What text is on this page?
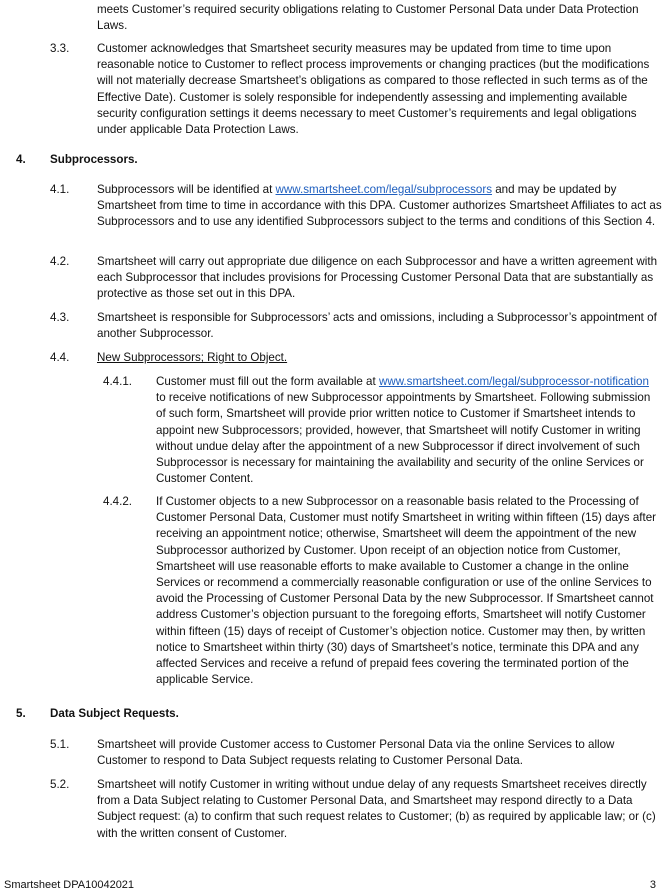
meets Customer’s required security obligations relating to Customer Personal Data under Data Protection Laws.
3.3. Customer acknowledges that Smartsheet security measures may be updated from time to time upon reasonable notice to Customer to reflect process improvements or changing practices (but the modifications will not materially decrease Smartsheet’s obligations as compared to those reflected in such terms as of the Effective Date). Customer is solely responsible for independently assessing and implementing available security configuration settings it deems necessary to meet Customer’s requirements and legal obligations under applicable Data Protection Laws.
4. Subprocessors.
4.1. Subprocessors will be identified at www.smartsheet.com/legal/subprocessors and may be updated by Smartsheet from time to time in accordance with this DPA. Customer authorizes Smartsheet Affiliates to act as Subprocessors and to use any identified Subprocessors subject to the terms and conditions of this Section 4.
4.2. Smartsheet will carry out appropriate due diligence on each Subprocessor and have a written agreement with each Subprocessor that includes provisions for Processing Customer Personal Data that are substantially as protective as those set out in this DPA.
4.3. Smartsheet is responsible for Subprocessors’ acts and omissions, including a Subprocessor’s appointment of another Subprocessor.
4.4. New Subprocessors; Right to Object.
4.4.1. Customer must fill out the form available at www.smartsheet.com/legal/subprocessor-notification to receive notifications of new Subprocessor appointments by Smartsheet. Following submission of such form, Smartsheet will provide prior written notice to Customer if Smartsheet intends to appoint new Subprocessors; provided, however, that Smartsheet will notify Customer in writing without undue delay after the appointment of a new Subprocessor if direct involvement of such Subprocessor is necessary for maintaining the availability and security of the online Services or Customer Content.
4.4.2. If Customer objects to a new Subprocessor on a reasonable basis related to the Processing of Customer Personal Data, Customer must notify Smartsheet in writing within fifteen (15) days after receiving an appointment notice; otherwise, Smartsheet will deem the appointment of the new Subprocessor authorized by Customer. Upon receipt of an objection notice from Customer, Smartsheet will use reasonable efforts to make available to Customer a change in the online Services or recommend a commercially reasonable configuration or use of the online Services to avoid the Processing of Customer Personal Data by the new Subprocessor. If Smartsheet cannot address Customer’s objection pursuant to the foregoing efforts, Smartsheet will notify Customer within fifteen (15) days of receipt of Customer’s objection notice. Customer may then, by written notice to Smartsheet within thirty (30) days of Smartsheet’s notice, terminate this DPA and any affected Services and receive a refund of prepaid fees covering the terminated portion of the applicable Service.
5. Data Subject Requests.
5.1. Smartsheet will provide Customer access to Customer Personal Data via the online Services to allow Customer to respond to Data Subject requests relating to Customer Personal Data.
5.2. Smartsheet will notify Customer in writing without undue delay of any requests Smartsheet receives directly from a Data Subject relating to Customer Personal Data, and Smartsheet may respond directly to a Data Subject request: (a) to confirm that such request relates to Customer; (b) as required by applicable law; or (c) with the written consent of Customer.
Smartsheet DPA10042021	3
